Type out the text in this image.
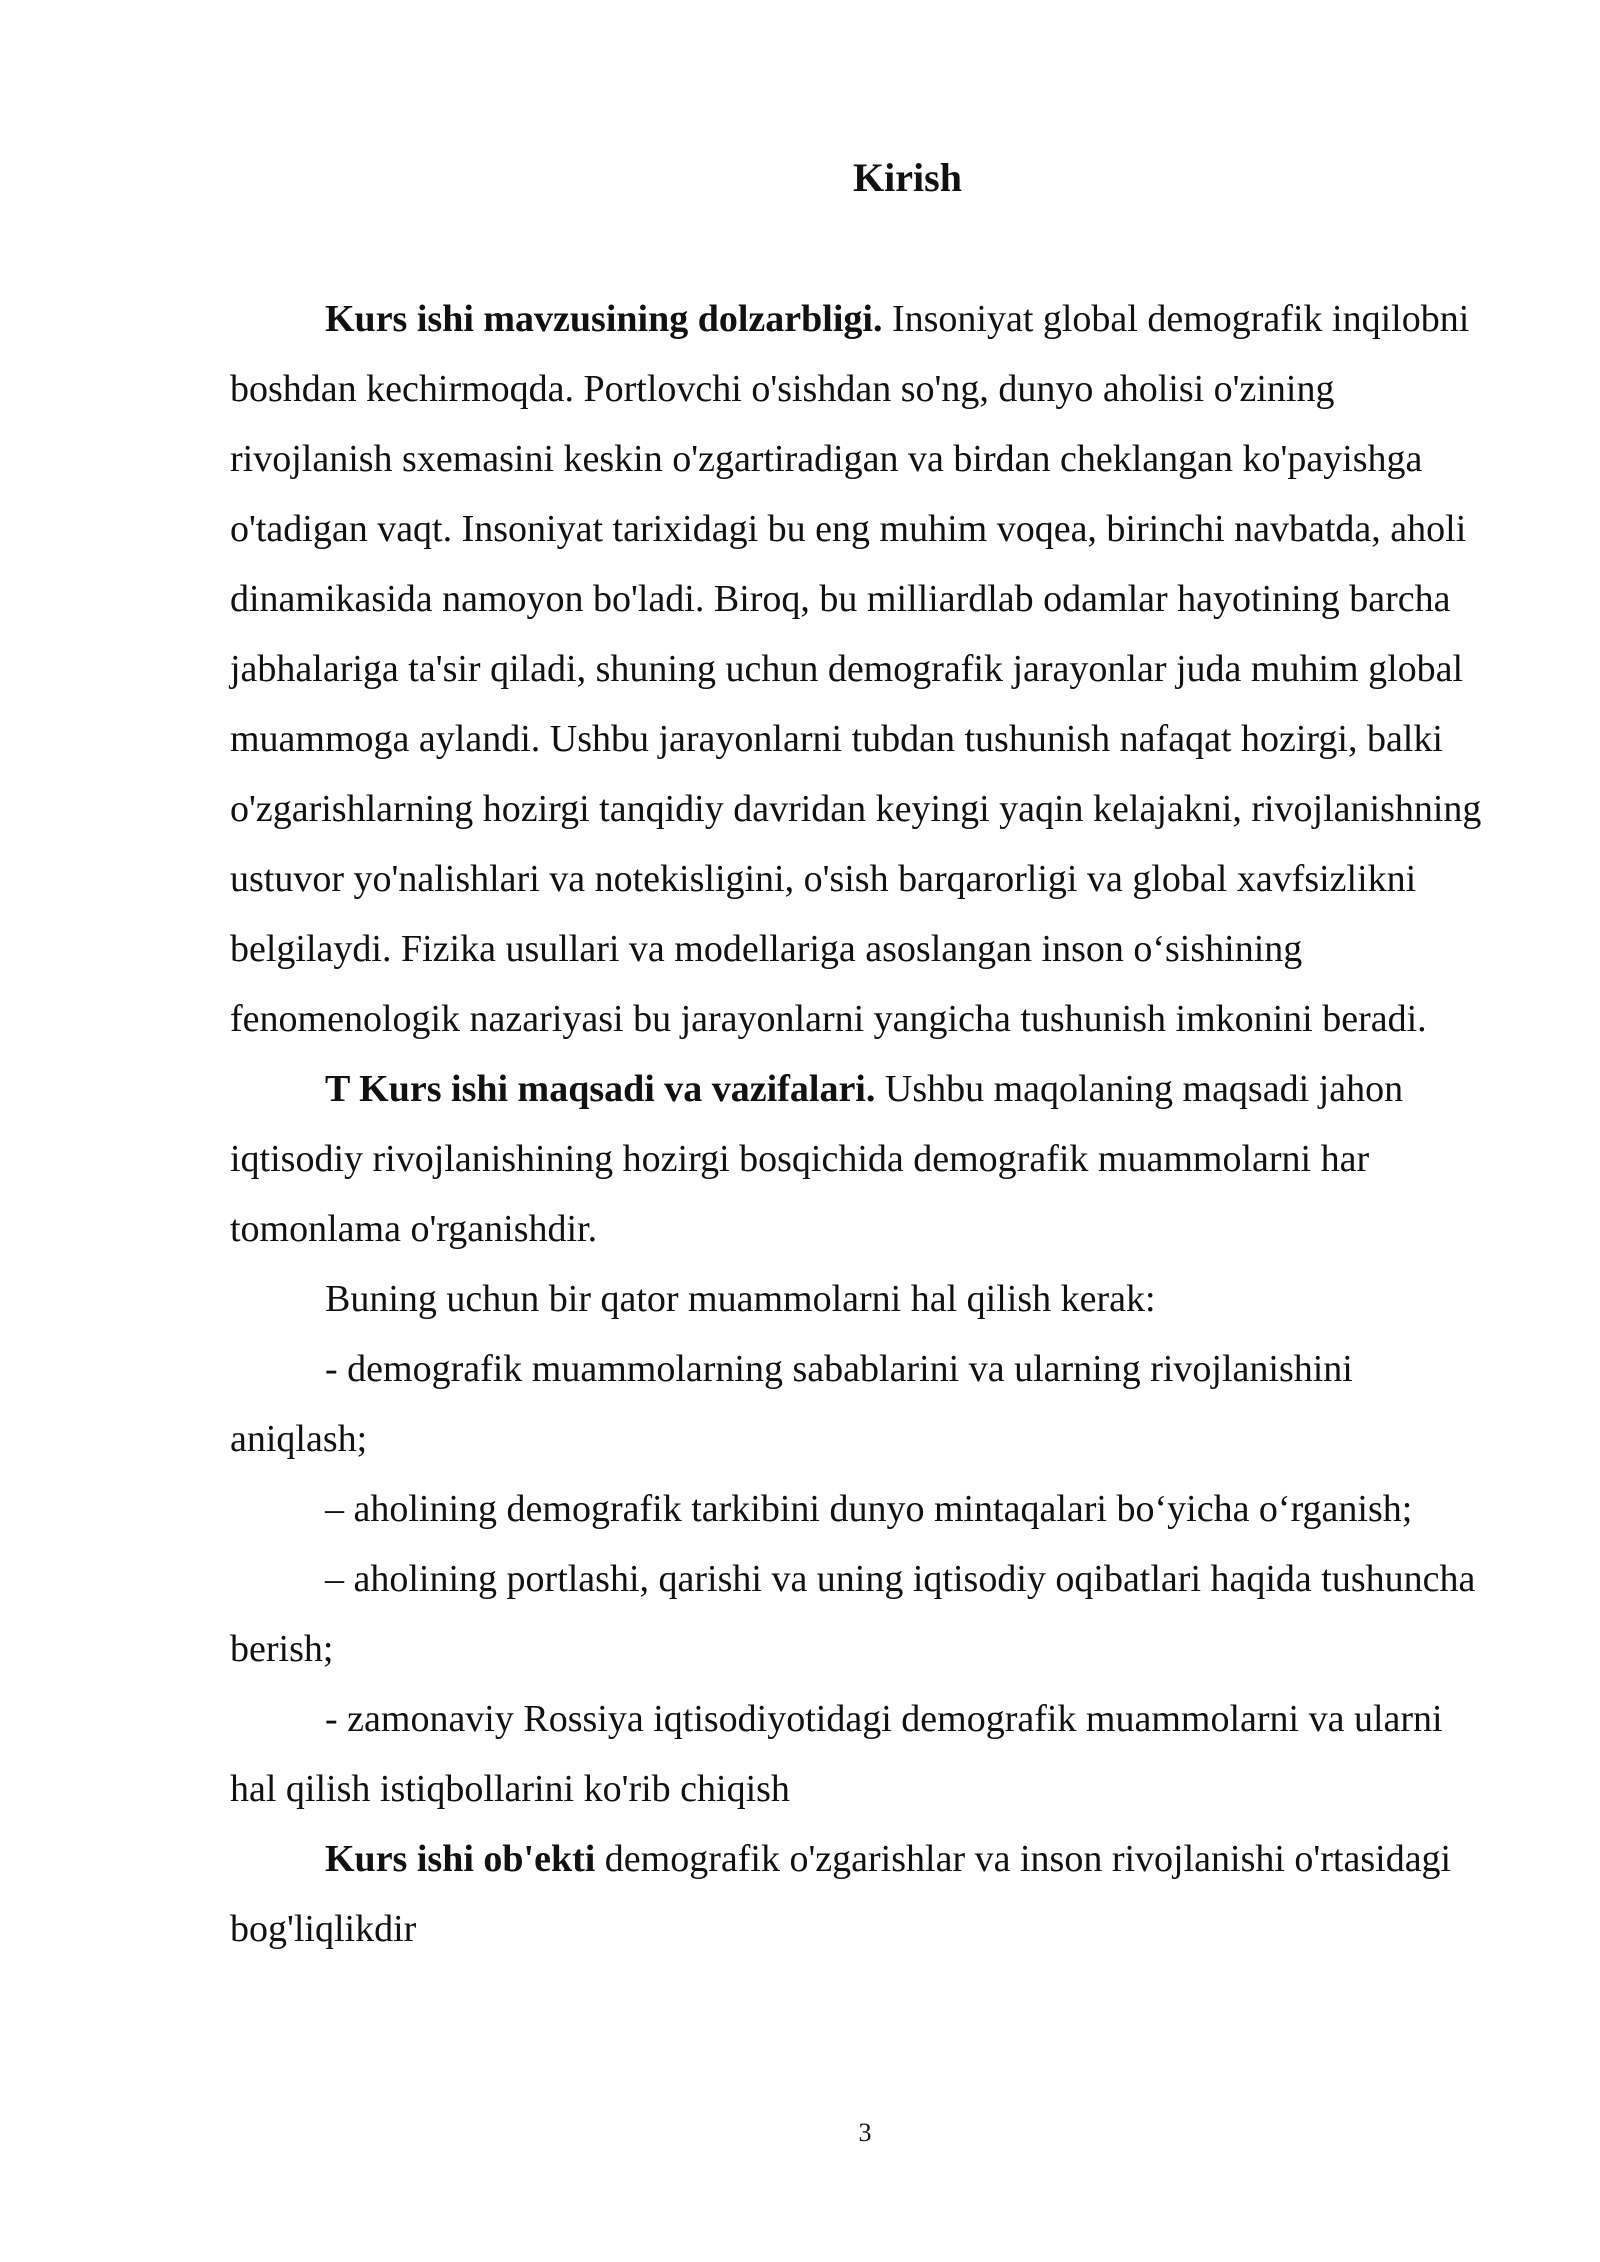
Kirish

Kurs ishi mavzusining dolzarbligi. Insoniyat global demografik inqilobni boshdan kechirmoqda. Portlovchi o'sishdan so'ng, dunyo aholisi o'zining rivojlanish sxemasini keskin o'zgartiradigan va birdan cheklangan ko'payishga o'tadigan vaqt. Insoniyat tarixidagi bu eng muhim voqea, birinchi navbatda, aholi dinamikasida namoyon bo'ladi. Biroq, bu milliardlab odamlar hayotining barcha jabhalariga ta'sir qiladi, shuning uchun demografik jarayonlar juda muhim global muammoga aylandi. Ushbu jarayonlarni tubdan tushunish nafaqat hozirgi, balki o'zgarishlarning hozirgi tanqidiy davridan keyingi yaqin kelajakni, rivojlanishning ustuvor yo'nalishlari va notekisligini, o'sish barqarorligi va global xavfsizlikni belgilaydi. Fizika usullari va modellariga asoslangan inson o‘sishining fenomenologik nazariyasi bu jarayonlarni yangicha tushunish imkonini beradi.

T Kurs ishi maqsadi va vazifalari. Ushbu maqolaning maqsadi jahon iqtisodiy rivojlanishining hozirgi bosqichida demografik muammolarni har tomonlama o'rganishdir.

Buning uchun bir qator muammolarni hal qilish kerak:

- demografik muammolarning sabablarini va ularning rivojlanishini aniqlash;

– aholining demografik tarkibini dunyo mintaqalari bo‘yicha o‘rganish;

– aholining portlashi, qarishi va uning iqtisodiy oqibatlari haqida tushuncha berish;

- zamonaviy Rossiya iqtisodiyotidagi demografik muammolarni va ularni hal qilish istiqbollarini ko'rib chiqish

Kurs ishi ob'ekti demografik o'zgarishlar va inson rivojlanishi o'rtasidagi bog'liqlikdir

3
